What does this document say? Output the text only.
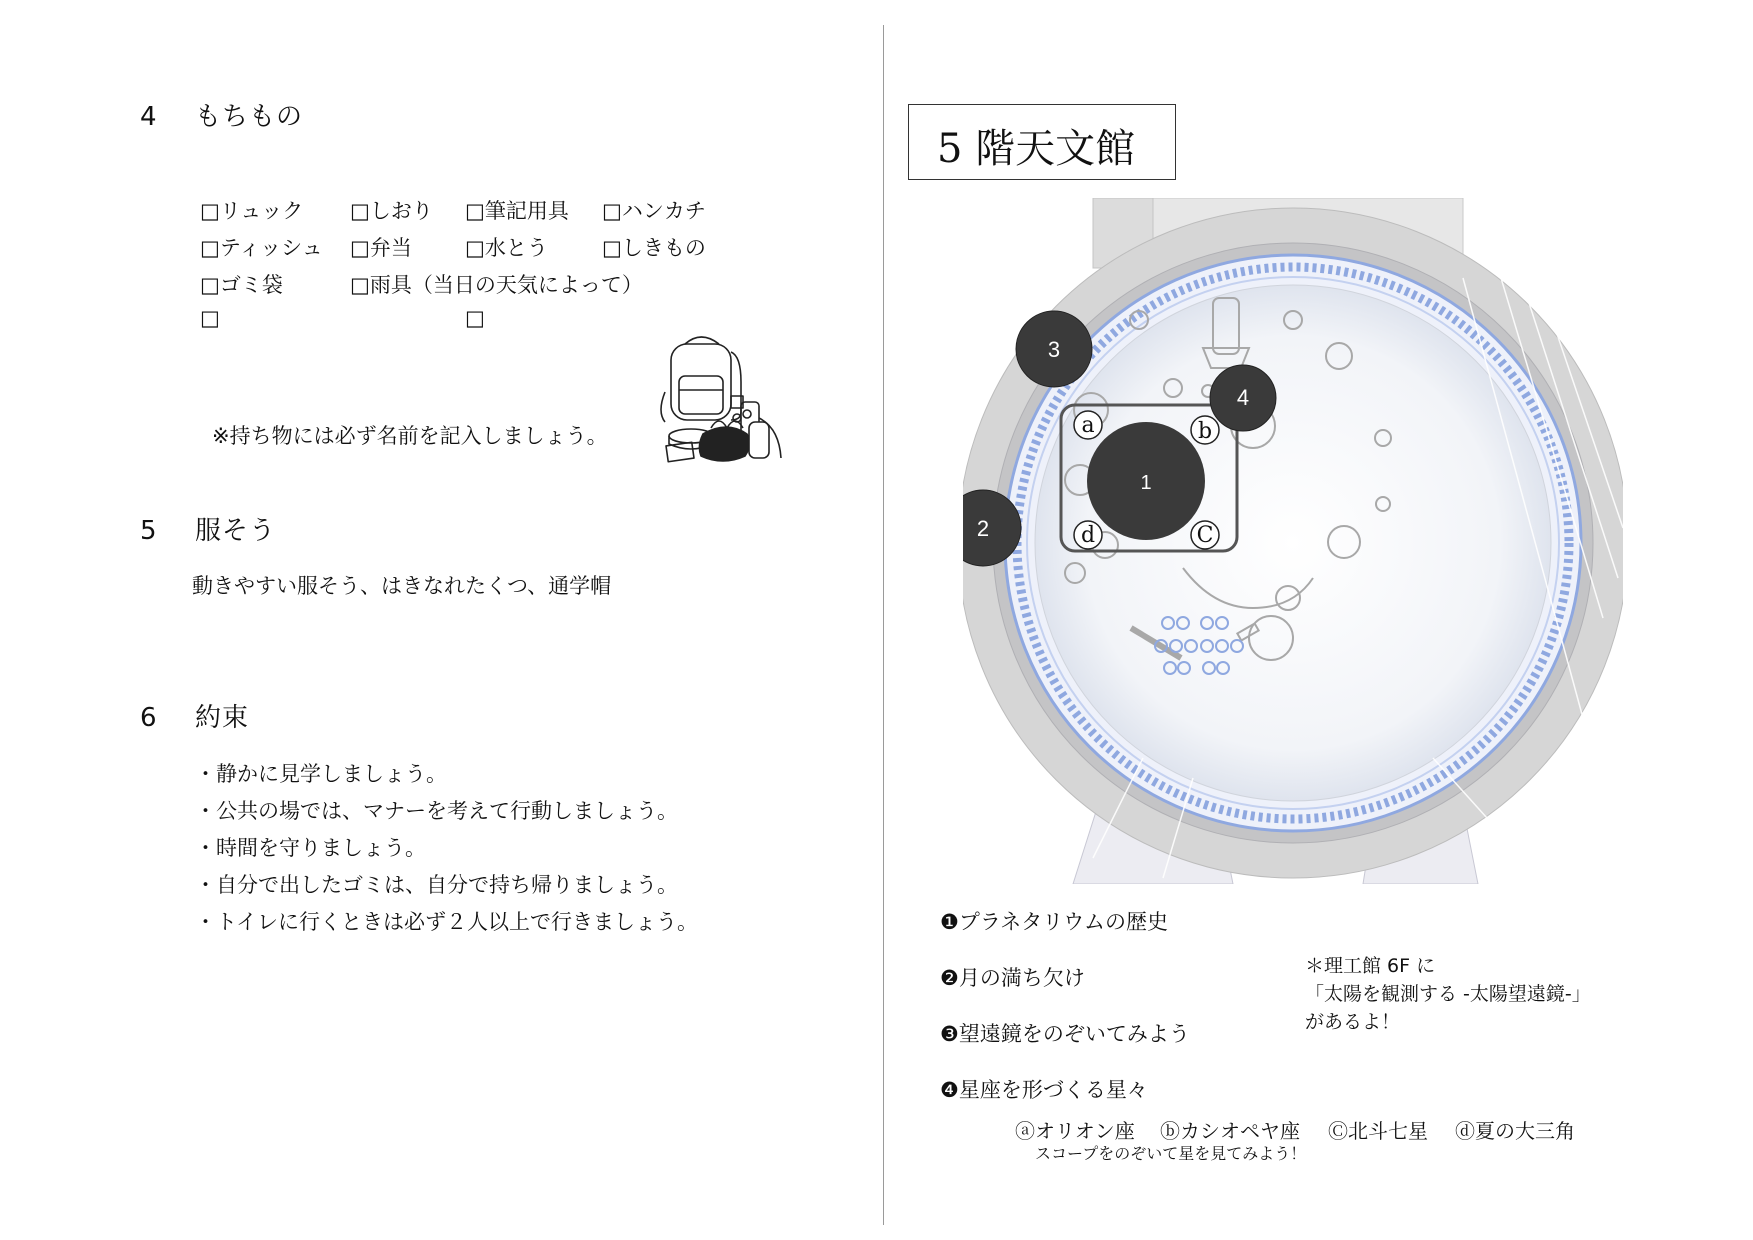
4 もちもの
□リュック □しおり □筆記用具 □ハンカチ
□ティッシュ □弁当	□水とう	□しきもの
□ゴミ袋	□雨具（当日の天気によって）
□	□
※持ち物には必ず名前を記入しましょう。
5 服そう
動きやすい服そう、はきなれたくつ、通学帽
6 約束
・静かに見学しましょう。
・公共の場では、マナーを考えて行動しましょう。
・時間を守りましょう。
・自分で出したゴミは、自分で持ち帰りましょう。
・トイレに行くときは必ず２人以上で行きましょう。
5 階天文館
1
a	b
d	C
2
3
4
❶プラネタリウムの歴史
❷月の満ち欠け
❸望遠鏡をのぞいてみよう
❹星座を形づくる星々
＊理工館 6F に
「太陽を観測する -太陽望遠鏡-」
があるよ！
ⓐオリオン座 ⓑカシオペヤ座 Ⓒ北斗七星 ⓓ夏の大三角
スコープをのぞいて星を見てみよう！
